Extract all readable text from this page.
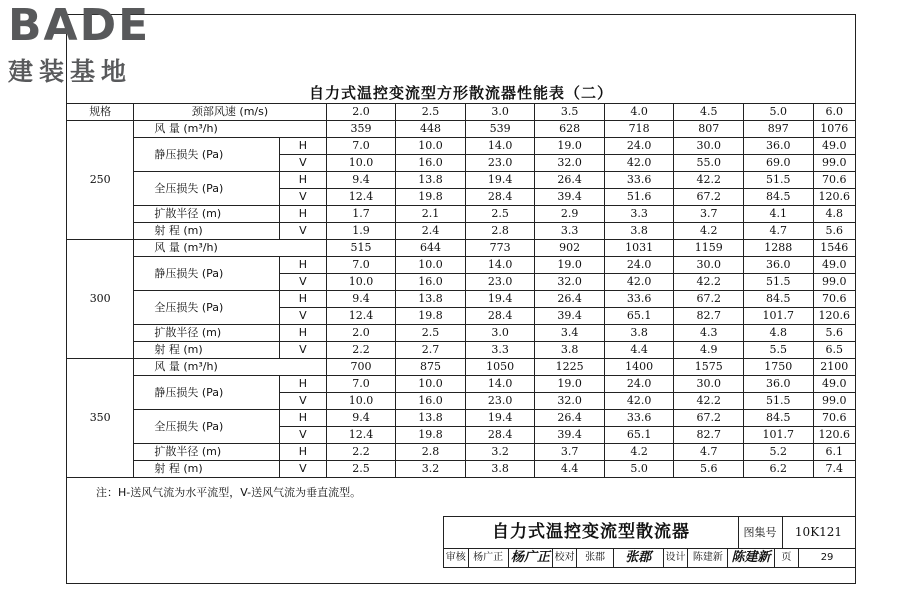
BADE
建装基地
自力式温控变流型方形散流器性能表（二）
规格	颈部风速 (m/s)		2.0	2.5	3.0	3.5	4.0	4.5	5.0	6.0
250	风 量 (m³/h)		359	448	539	628	718	807	897	1076
	静压损失 (Pa)	H	7.0	10.0	14.0	19.0	24.0	30.0	36.0	49.0
		V	10.0	16.0	23.0	32.0	42.0	55.0	69.0	99.0
	全压损失 (Pa)	H	9.4	13.8	19.4	26.4	33.6	42.2	51.5	70.6
		V	12.4	19.8	28.4	39.4	51.6	67.2	84.5	120.6
	扩散半径 (m)	H	1.7	2.1	2.5	2.9	3.3	3.7	4.1	4.8
	射 程 (m)	V	1.9	2.4	2.8	3.3	3.8	4.2	4.7	5.6
300	风 量 (m³/h)		515	644	773	902	1031	1159	1288	1546
	静压损失 (Pa)	H	7.0	10.0	14.0	19.0	24.0	30.0	36.0	49.0
		V	10.0	16.0	23.0	32.0	42.0	42.2	51.5	99.0
	全压损失 (Pa)	H	9.4	13.8	19.4	26.4	33.6	67.2	84.5	70.6
		V	12.4	19.8	28.4	39.4	65.1	82.7	101.7	120.6
	扩散半径 (m)	H	2.0	2.5	3.0	3.4	3.8	4.3	4.8	5.6
	射 程 (m)	V	2.2	2.7	3.3	3.8	4.4	4.9	5.5	6.5
350	风 量 (m³/h)		700	875	1050	1225	1400	1575	1750	2100
	静压损失 (Pa)	H	7.0	10.0	14.0	19.0	24.0	30.0	36.0	49.0
		V	10.0	16.0	23.0	32.0	42.0	42.2	51.5	99.0
	全压损失 (Pa)	H	9.4	13.8	19.4	26.4	33.6	67.2	84.5	70.6
		V	12.4	19.8	28.4	39.4	65.1	82.7	101.7	120.6
	扩散半径 (m)	H	2.2	2.8	3.2	3.7	4.2	4.7	5.2	6.1
	射 程 (m)	V	2.5	3.2	3.8	4.4	5.0	5.6	6.2	7.4
注：H-送风气流为水平流型，V-送风气流为垂直流型。
自力式温控变流型散流器	图集号	10K121
审核 杨广正 杨广正 校对	张郡	张郡	设计 陈建新 陈建新	页	29
